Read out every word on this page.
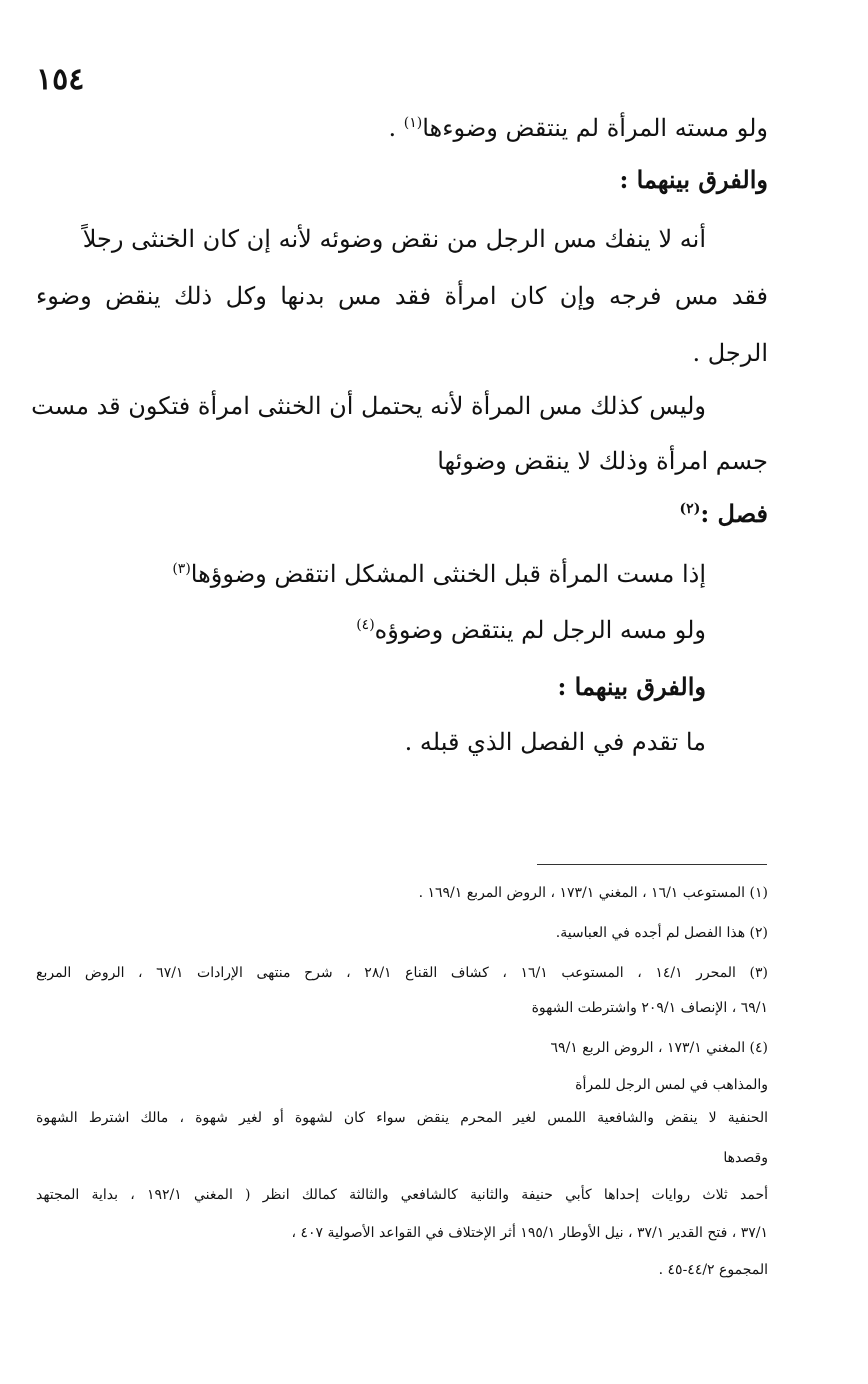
١٥٤
ولو مسته المرأة لم ينتقض وضوءها$^{(١)}$ .
والفرق بينهما :
أنه لا ينفك مس الرجل من نقض وضوئه لأنه إن كان الخنثى رجلاً
فقد مس فرجه وإن كان امرأة فقد مس بدنها وكل ذلك ينقض وضوء
الرجل .
وليس كذلك مس المرأة لأنه يحتمل أن الخنثى امرأة فتكون قد مست
جسم امرأة وذلك لا ينقض وضوئها
فصل :$^{(٢)}$
إذا مست المرأة قبل الخنثى المشكل انتقض وضوؤها$^{(٣)}$
ولو مسه الرجل لم ينتقض وضوؤه$^{(٤)}$
والفرق بينهما :
ما تقدم في الفصل الذي قبله .
(١) المستوعب ١٦/١ ، المغني ١٧٣/١ ، الروض المربع ١٦٩/١ .
(٢) هذا الفصل لم أجده في العباسية.
(٣) المحرر ١٤/١ ، المستوعب ١٦/١ ، كشاف القناع ٢٨/١ ، شرح منتهى الإرادات ٦٧/١ ، الروض المربع
٦٩/١ ، الإنصاف ٢٠٩/١ واشترطت الشهوة
(٤) المغني ١٧٣/١ ، الروض الربع ٦٩/١
والمذاهب في لمس الرجل للمرأة
الحنفية لا ينقض والشافعية اللمس لغير المحرم ينقض سواء كان لشهوة أو لغير شهوة ، مالك اشترط الشهوة
وقصدها
أحمد ثلاث روايات إحداها كأبي حنيفة والثانية كالشافعي والثالثة كمالك انظر ( المغني ١٩٢/١ ، بداية المجتهد
٣٧/١ ، فتح القدير ٣٧/١ ، نيل الأوطار ١٩٥/١ أثر الإختلاف في القواعد الأصولية ٤٠٧ ،
المجموع ٤٤/٢-٤٥ .
